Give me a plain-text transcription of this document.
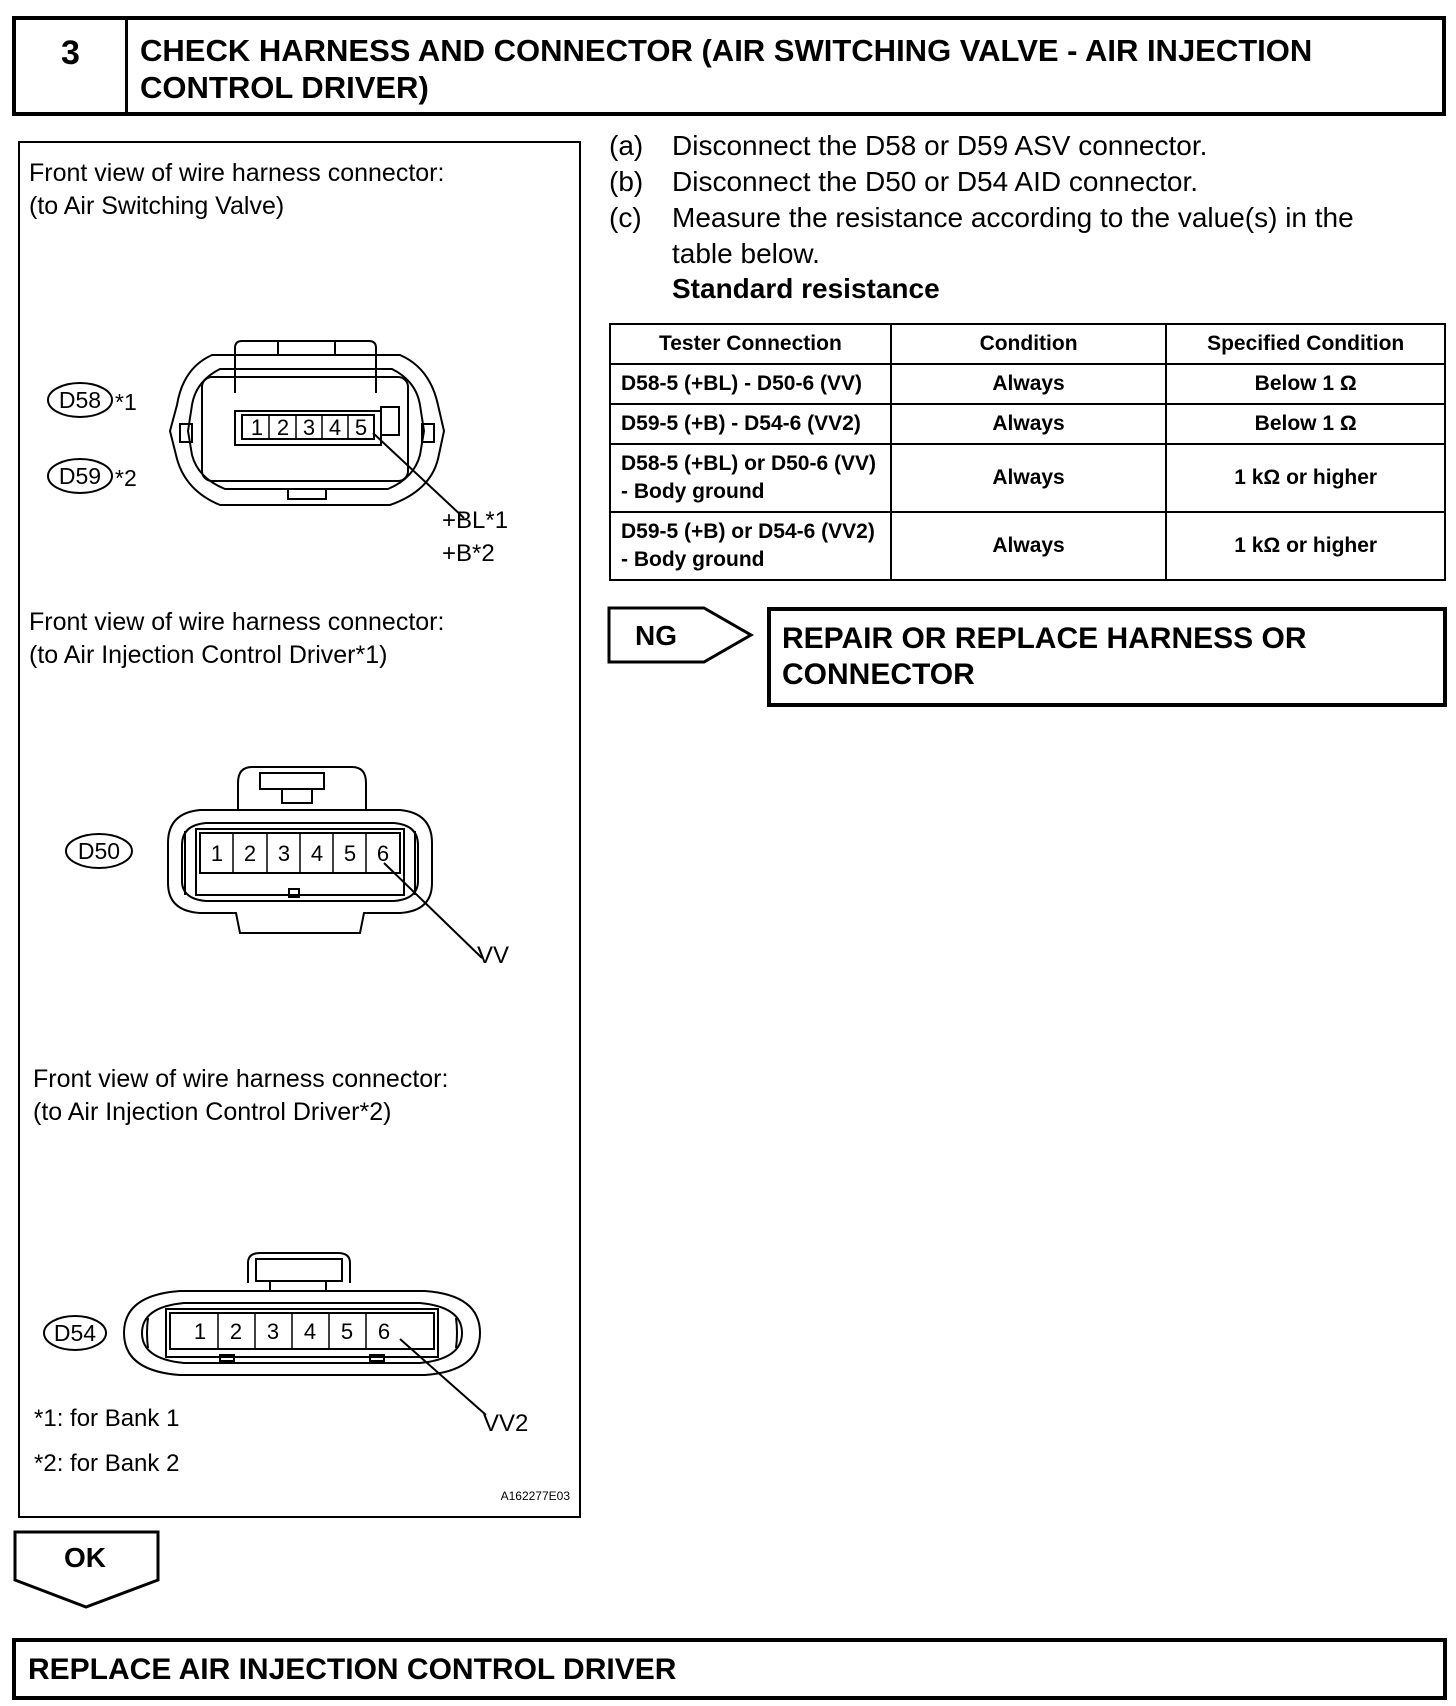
3	CHECK HARNESS AND CONNECTOR (AIR SWITCHING VALVE - AIR INJECTION
CONTROL DRIVER)
Front view of wire harness connector:
(to Air Switching Valve)
Front view of wire harness connector:
(to Air Injection Control Driver*1)
Front view of wire harness connector:
(to Air Injection Control Driver*2)
1 2 3 4 5
D58 *1
D59 *2
+BL*1
+B*2
1 2 3 4 5 6
D50
VV
1 2 3 4 5 6
D54
VV2
*1: for Bank 1
*2: for Bank 2
A162277E03
(a)	Disconnect the D58 or D59 ASV connector.
(b)	Disconnect the D50 or D54 AID connector.
(c)	Measure the resistance according to the value(s) in the table below.
Standard resistance
Tester Connection	Condition	Specified Condition
D58-5 (+BL) - D50-6 (VV)	Always	Below 1 Ω
D59-5 (+B) - D54-6 (VV2)	Always	Below 1 Ω
D58-5 (+BL) or D50-6 (VV) - Body ground	Always	1 kΩ or higher
D59-5 (+B) or D54-6 (VV2) - Body ground	Always	1 kΩ or higher
NG	REPAIR OR REPLACE HARNESS OR
CONNECTOR
OK
REPLACE AIR INJECTION CONTROL DRIVER
